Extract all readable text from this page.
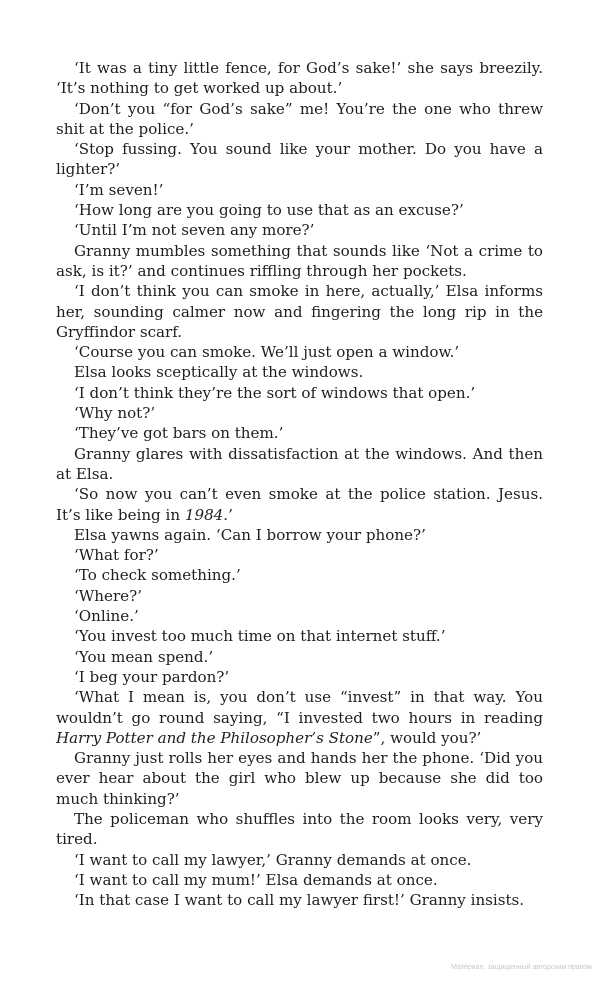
‘It was a tiny little fence, for God’s sake!’ she says breezily. ‘It’s nothing to get worked up about.’

‘Don’t you “for God’s sake” me! You’re the one who threw shit at the police.’

‘Stop fussing. You sound like your mother. Do you have a lighter?’

‘I’m seven!’

‘How long are you going to use that as an excuse?’

‘Until I’m not seven any more?’

Granny mumbles something that sounds like ‘Not a crime to ask, is it?’ and continues riffling through her pockets.

‘I don’t think you can smoke in here, actually,’ Elsa informs her, sounding calmer now and fingering the long rip in the Gryffindor scarf.

‘Course you can smoke. We’ll just open a window.’

Elsa looks sceptically at the windows.

‘I don’t think they’re the sort of windows that open.’

‘Why not?’

‘They’ve got bars on them.’

Granny glares with dissatisfaction at the windows. And then at Elsa.

‘So now you can’t even smoke at the police station. Jesus. It’s like being in 1984.’

Elsa yawns again. ‘Can I borrow your phone?’

‘What for?’

‘To check something.’

‘Where?’

‘Online.’

‘You invest too much time on that internet stuff.’

‘You mean spend.’

‘I beg your pardon?’

‘What I mean is, you don’t use “invest” in that way. You wouldn’t go round saying, “I invested two hours in reading Harry Potter and the Philosopher’s Stone”, would you?’

Granny just rolls her eyes and hands her the phone. ‘Did you ever hear about the girl who blew up because she did too much thinking?’

The policeman who shuffles into the room looks very, very tired.

‘I want to call my lawyer,’ Granny demands at once.

‘I want to call my mum!’ Elsa demands at once.

‘In that case I want to call my lawyer first!’ Granny insists.

Материал, защищенный авторским правом
